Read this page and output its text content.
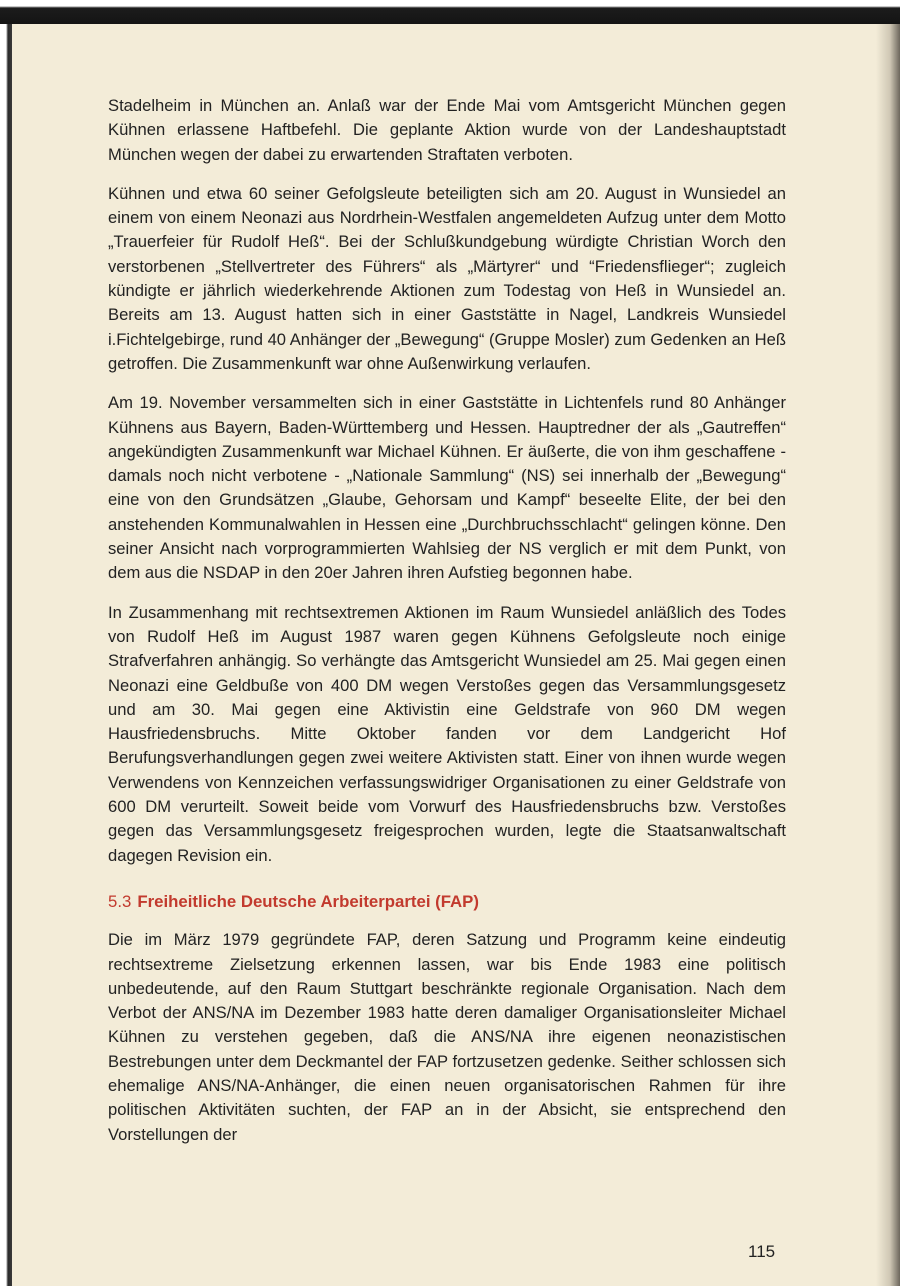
Stadelheim in München an. Anlaß war der Ende Mai vom Amtsgericht München gegen Kühnen erlassene Haftbefehl. Die geplante Aktion wurde von der Landeshauptstadt München wegen der dabei zu erwartenden Straftaten verboten.

Kühnen und etwa 60 seiner Gefolgsleute beteiligten sich am 20. August in Wunsiedel an einem von einem Neonazi aus Nordrhein-Westfalen angemeldeten Aufzug unter dem Motto „Trauerfeier für Rudolf Heß“. Bei der Schlußkundgebung würdigte Christian Worch den verstorbenen „Stellvertreter des Führers“ als „Märtyrer“ und “Friedensflieger“; zugleich kündigte er jährlich wiederkehrende Aktionen zum Todestag von Heß in Wunsiedel an. Bereits am 13. August hatten sich in einer Gaststätte in Nagel, Landkreis Wunsiedel i.Fichtelgebirge, rund 40 Anhänger der „Bewegung“ (Gruppe Mosler) zum Gedenken an Heß getroffen. Die Zusammenkunft war ohne Außenwirkung verlaufen.

Am 19. November versammelten sich in einer Gaststätte in Lichtenfels rund 80 Anhänger Kühnens aus Bayern, Baden-Württemberg und Hessen. Hauptredner der als „Gautreffen“ angekündigten Zusammenkunft war Michael Kühnen. Er äußerte, die von ihm geschaffene - damals noch nicht verbotene - „Nationale Sammlung“ (NS) sei innerhalb der „Bewegung“ eine von den Grundsätzen „Glaube, Gehorsam und Kampf“ beseelte Elite, der bei den anstehenden Kommunalwahlen in Hessen eine „Durchbruchsschlacht“ gelingen könne. Den seiner Ansicht nach vorprogrammierten Wahlsieg der NS verglich er mit dem Punkt, von dem aus die NSDAP in den 20er Jahren ihren Aufstieg begonnen habe.

In Zusammenhang mit rechtsextremen Aktionen im Raum Wunsiedel anläßlich des Todes von Rudolf Heß im August 1987 waren gegen Kühnens Gefolgsleute noch einige Strafverfahren anhängig. So verhängte das Amtsgericht Wunsiedel am 25. Mai gegen einen Neonazi eine Geldbuße von 400 DM wegen Verstoßes gegen das Versammlungsgesetz und am 30. Mai gegen eine Aktivistin eine Geldstrafe von 960 DM wegen Hausfriedensbruchs. Mitte Oktober fanden vor dem Landgericht Hof Berufungsverhandlungen gegen zwei weitere Aktivisten statt. Einer von ihnen wurde wegen Verwendens von Kennzeichen verfassungswidriger Organisationen zu einer Geldstrafe von 600 DM verurteilt. Soweit beide vom Vorwurf des Hausfriedensbruchs bzw. Verstoßes gegen das Versammlungsgesetz freigesprochen wurden, legte die Staatsanwaltschaft dagegen Revision ein.

5.3 Freiheitliche Deutsche Arbeiterpartei (FAP)

Die im März 1979 gegründete FAP, deren Satzung und Programm keine eindeutig rechtsextreme Zielsetzung erkennen lassen, war bis Ende 1983 eine politisch unbedeutende, auf den Raum Stuttgart beschränkte regionale Organisation. Nach dem Verbot der ANS/NA im Dezember 1983 hatte deren damaliger Organisationsleiter Michael Kühnen zu verstehen gegeben, daß die ANS/NA ihre eigenen neonazistischen Bestrebungen unter dem Deckmantel der FAP fortzusetzen gedenke. Seither schlossen sich ehemalige ANS/NA-Anhänger, die einen neuen organisatorischen Rahmen für ihre politischen Aktivitäten suchten, der FAP an in der Absicht, sie entsprechend den Vorstellungen der

115
